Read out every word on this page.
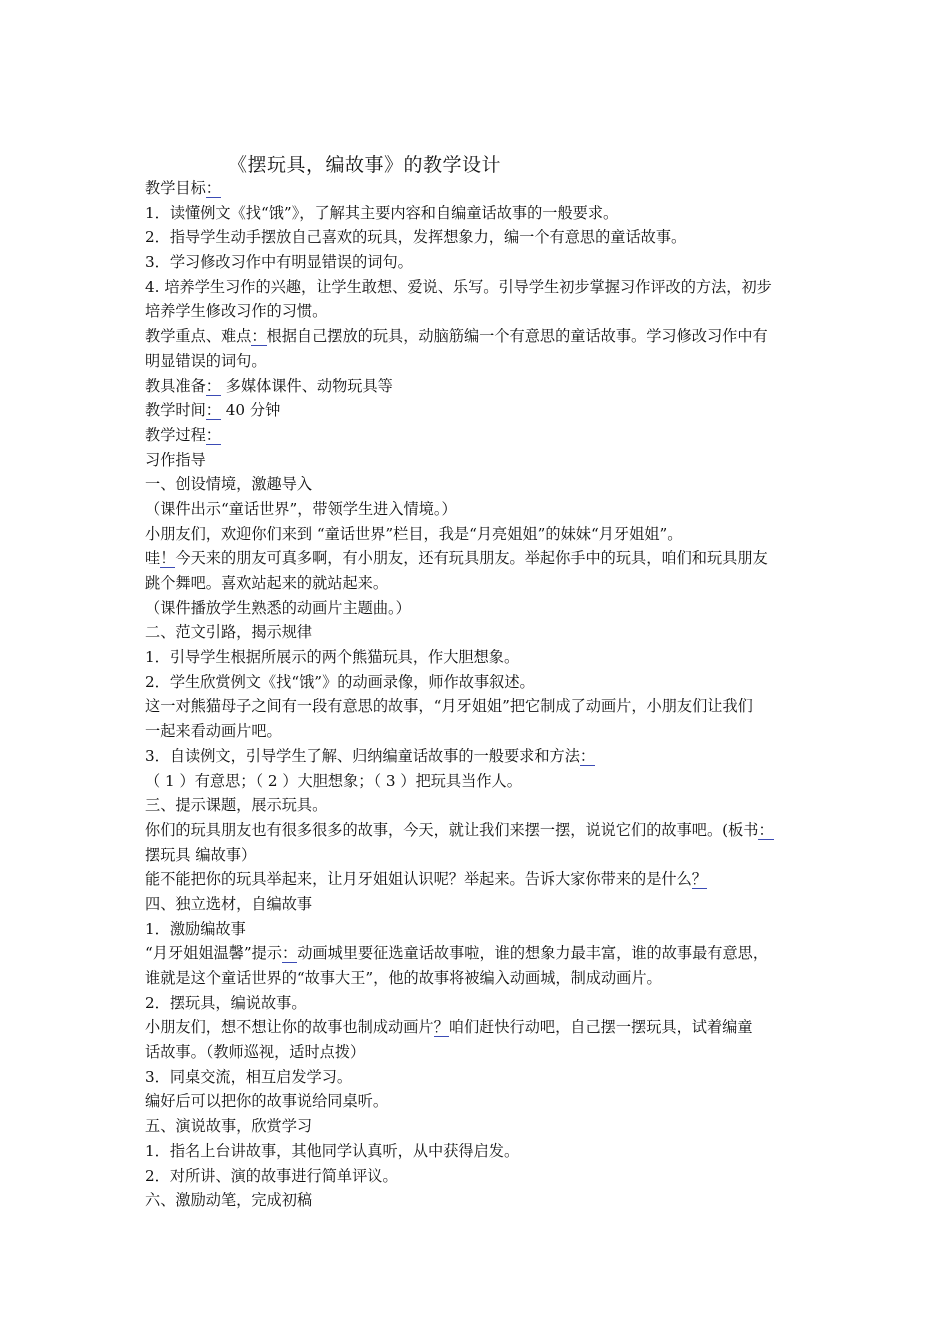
《摆玩具，编故事》的教学设计
教学目标：
1．读懂例文《找“饿”》，了解其主要内容和自编童话故事的一般要求。
2．指导学生动手摆放自己喜欢的玩具，发挥想象力，编一个有意思的童话故事。
3．学习修改习作中有明显错误的词句。
4. 培养学生习作的兴趣，让学生敢想、爱说、乐写。引导学生初步掌握习作评改的方法，初步
培养学生修改习作的习惯。
教学重点、难点：根据自己摆放的玩具，动脑筋编一个有意思的童话故事。学习修改习作中有
明显错误的词句。
教具准备： 多媒体课件、动物玩具等
教学时间： 40 分钟
教学过程：
习作指导
一、创设情境，激趣导入
（课件出示“童话世界”，带领学生进入情境。）
小朋友们，欢迎你们来到 “童话世界”栏目，我是“月亮姐姐”的妹妹“月牙姐姐”。
哇！今天来的朋友可真多啊，有小朋友，还有玩具朋友。举起你手中的玩具，咱们和玩具朋友
跳个舞吧。喜欢站起来的就站起来。
（课件播放学生熟悉的动画片主题曲。）
二、范文引路，揭示规律
1．引导学生根据所展示的两个熊猫玩具，作大胆想象。
2．学生欣赏例文《找“饿”》的动画录像，师作故事叙述。
这一对熊猫母子之间有一段有意思的故事，“月牙姐姐”把它制成了动画片，小朋友们让我们
一起来看动画片吧。
3．自读例文，引导学生了解、归纳编童话故事的一般要求和方法：
（ 1 ）有意思；（ 2 ）大胆想象；（ 3 ）把玩具当作人。
三、提示课题，展示玩具。
你们的玩具朋友也有很多很多的故事，今天，就让我们来摆一摆，说说它们的故事吧。(板书：
摆玩具 编故事）
能不能把你的玩具举起来，让月牙姐姐认识呢？举起来。告诉大家你带来的是什么？
四、独立选材，自编故事
1．激励编故事
“月牙姐姐温馨”提示：动画城里要征选童话故事啦，谁的想象力最丰富，谁的故事最有意思，
谁就是这个童话世界的“故事大王”，他的故事将被编入动画城，制成动画片。
2．摆玩具，编说故事。
小朋友们，想不想让你的故事也制成动画片？咱们赶快行动吧，自己摆一摆玩具，试着编童
话故事。（教师巡视，适时点拨）
3．同桌交流，相互启发学习。
编好后可以把你的故事说给同桌听。
五、演说故事，欣赏学习
1．指名上台讲故事，其他同学认真听，从中获得启发。
2．对所讲、演的故事进行简单评议。
六、激励动笔，完成初稿
